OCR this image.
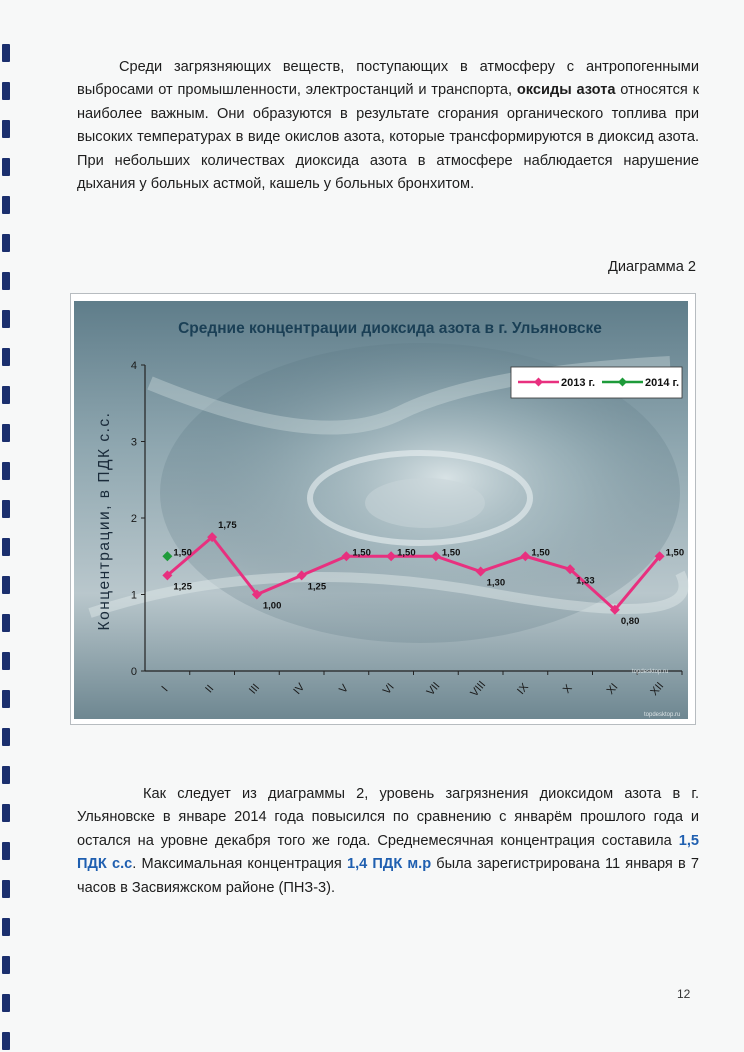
Среди загрязняющих веществ, поступающих в атмосферу с антропогенными выбросами от промышленности, электростанций и транспорта, оксиды азота относятся к наиболее важным. Они образуются в результате сгорания органического топлива при высоких температурах в виде окислов азота, которые трансформируются в диоксид азота. При небольших количествах диоксида азота в атмосфере наблюдается нарушение дыхания у больных астмой, кашель у больных бронхитом.
Диаграмма 2
Средние концентрации диоксида азота в г. Ульяновске
Концентрации, в ПДК с.с.
0
1
2
3
4
I	II	III	IV	V	VI	VII VIII IX	X	XI	XII
1,25
1,75
1,00
1,25
1,50	1,50	1,50
1,30
1,50
1,33
0,80
1,50
1,50
2013 г.	2014 г.
topdesktop.ru
topdesktop.ru
Как следует из диаграммы 2, уровень загрязнения диоксидом азота в г. Ульяновске в январе 2014 года повысился по сравнению с январём прошлого года и остался на уровне декабря того же года. Среднемесячная концентрация составила 1,5 ПДК с.с. Максимальная концентрация 1,4 ПДК м.р была зарегистрирована 11 января в 7 часов в Засвияжском районе (ПНЗ-3).
12
